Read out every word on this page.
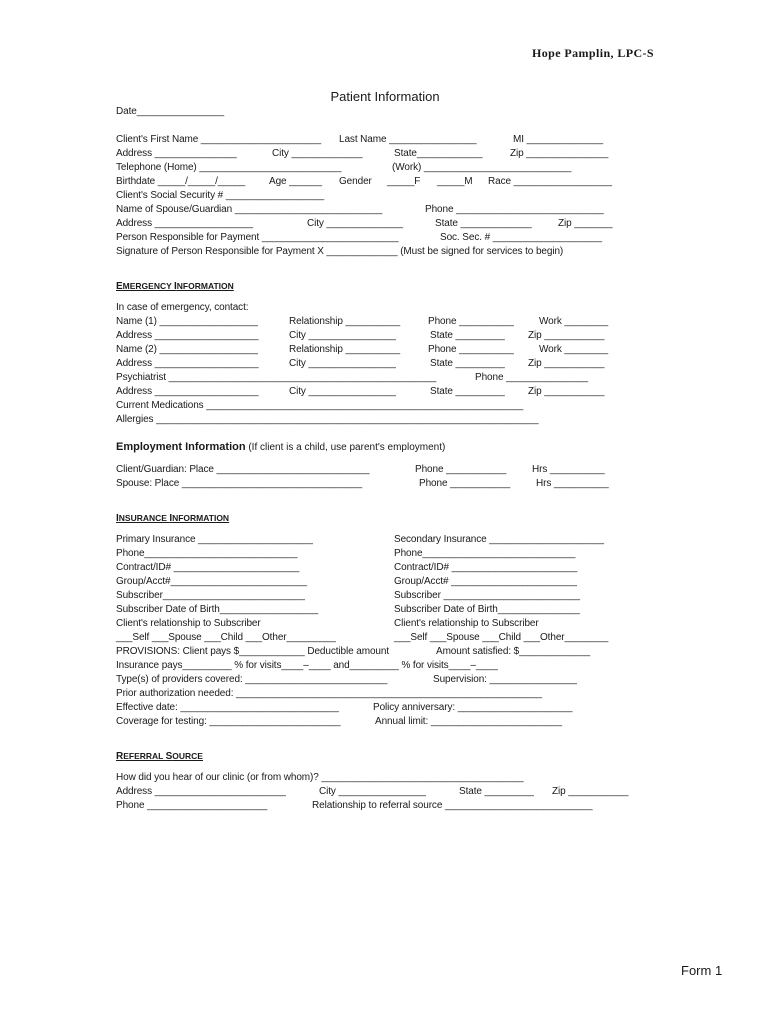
Hope Pamplin, LPC-S
Patient Information
Date________________
Client's First Name ______________________ Last Name ________________	MI ______________
Address _______________	City _____________	State____________	Zip _______________
Telephone (Home) __________________________	(Work) ___________________________
Birthdate _____/_____/_____ Age ______ Gender _____F _____M Race __________________
Client's Social Security # __________________
Name of Spouse/Guardian ___________________________	Phone ___________________________
Address __________________	City ______________	State _____________	Zip _______
Person Responsible for Payment _________________________	Soc. Sec. # ____________________
Signature of Person Responsible for Payment X _____________ (Must be signed for services to begin)
EMERGENCY INFORMATION
In case of emergency, contact:
Name (1) __________________	Relationship __________	Phone __________	Work ________
Address ___________________	City ________________	State _________ Zip ___________
Name (2) __________________	Relationship __________	Phone __________	Work ________
Address ___________________	City ________________	State _________ Zip ___________
Psychiatrist _________________________________________________	Phone _______________
Address ___________________	City ________________	State _________ Zip ___________
Current Medications __________________________________________________________
Allergies ______________________________________________________________________
Employment Information (If client is a child, use parent's employment)
Client/Guardian: Place ____________________________	Phone ___________	Hrs __________
Spouse: Place _________________________________	Phone ___________	Hrs __________
INSURANCE INFORMATION
Primary Insurance _____________________
Phone____________________________
Contract/ID# _______________________
Group/Acct#_________________________
Subscriber__________________________
Subscriber Date of Birth__________________
Client's relationship to Subscriber
___Self ___Spouse ___Child ___Other_________
Secondary Insurance _____________________
Phone____________________________
Contract/ID# _______________________
Group/Acct# _______________________
Subscriber _________________________
Subscriber Date of Birth_______________
Client's relationship to Subscriber
___Self ___Spouse ___Child ___Other________
PROVISIONS: Client pays $____________ Deductible amount	Amount satisfied: $_____________
Insurance pays_________ % for visits____–____ and_________ % for visits____–____
Type(s) of providers covered: __________________________	Supervision: ________________
Prior authorization needed: ________________________________________________________
Effective date: _____________________________	Policy anniversary: _____________________
Coverage for testing: ________________________	Annual limit: ________________________
REFERRAL SOURCE
How did you hear of our clinic (or from whom)? _____________________________________
Address ________________________	City ________________	State _________ Zip ___________
Phone ______________________	Relationship to referral source ___________________________
Form 1
